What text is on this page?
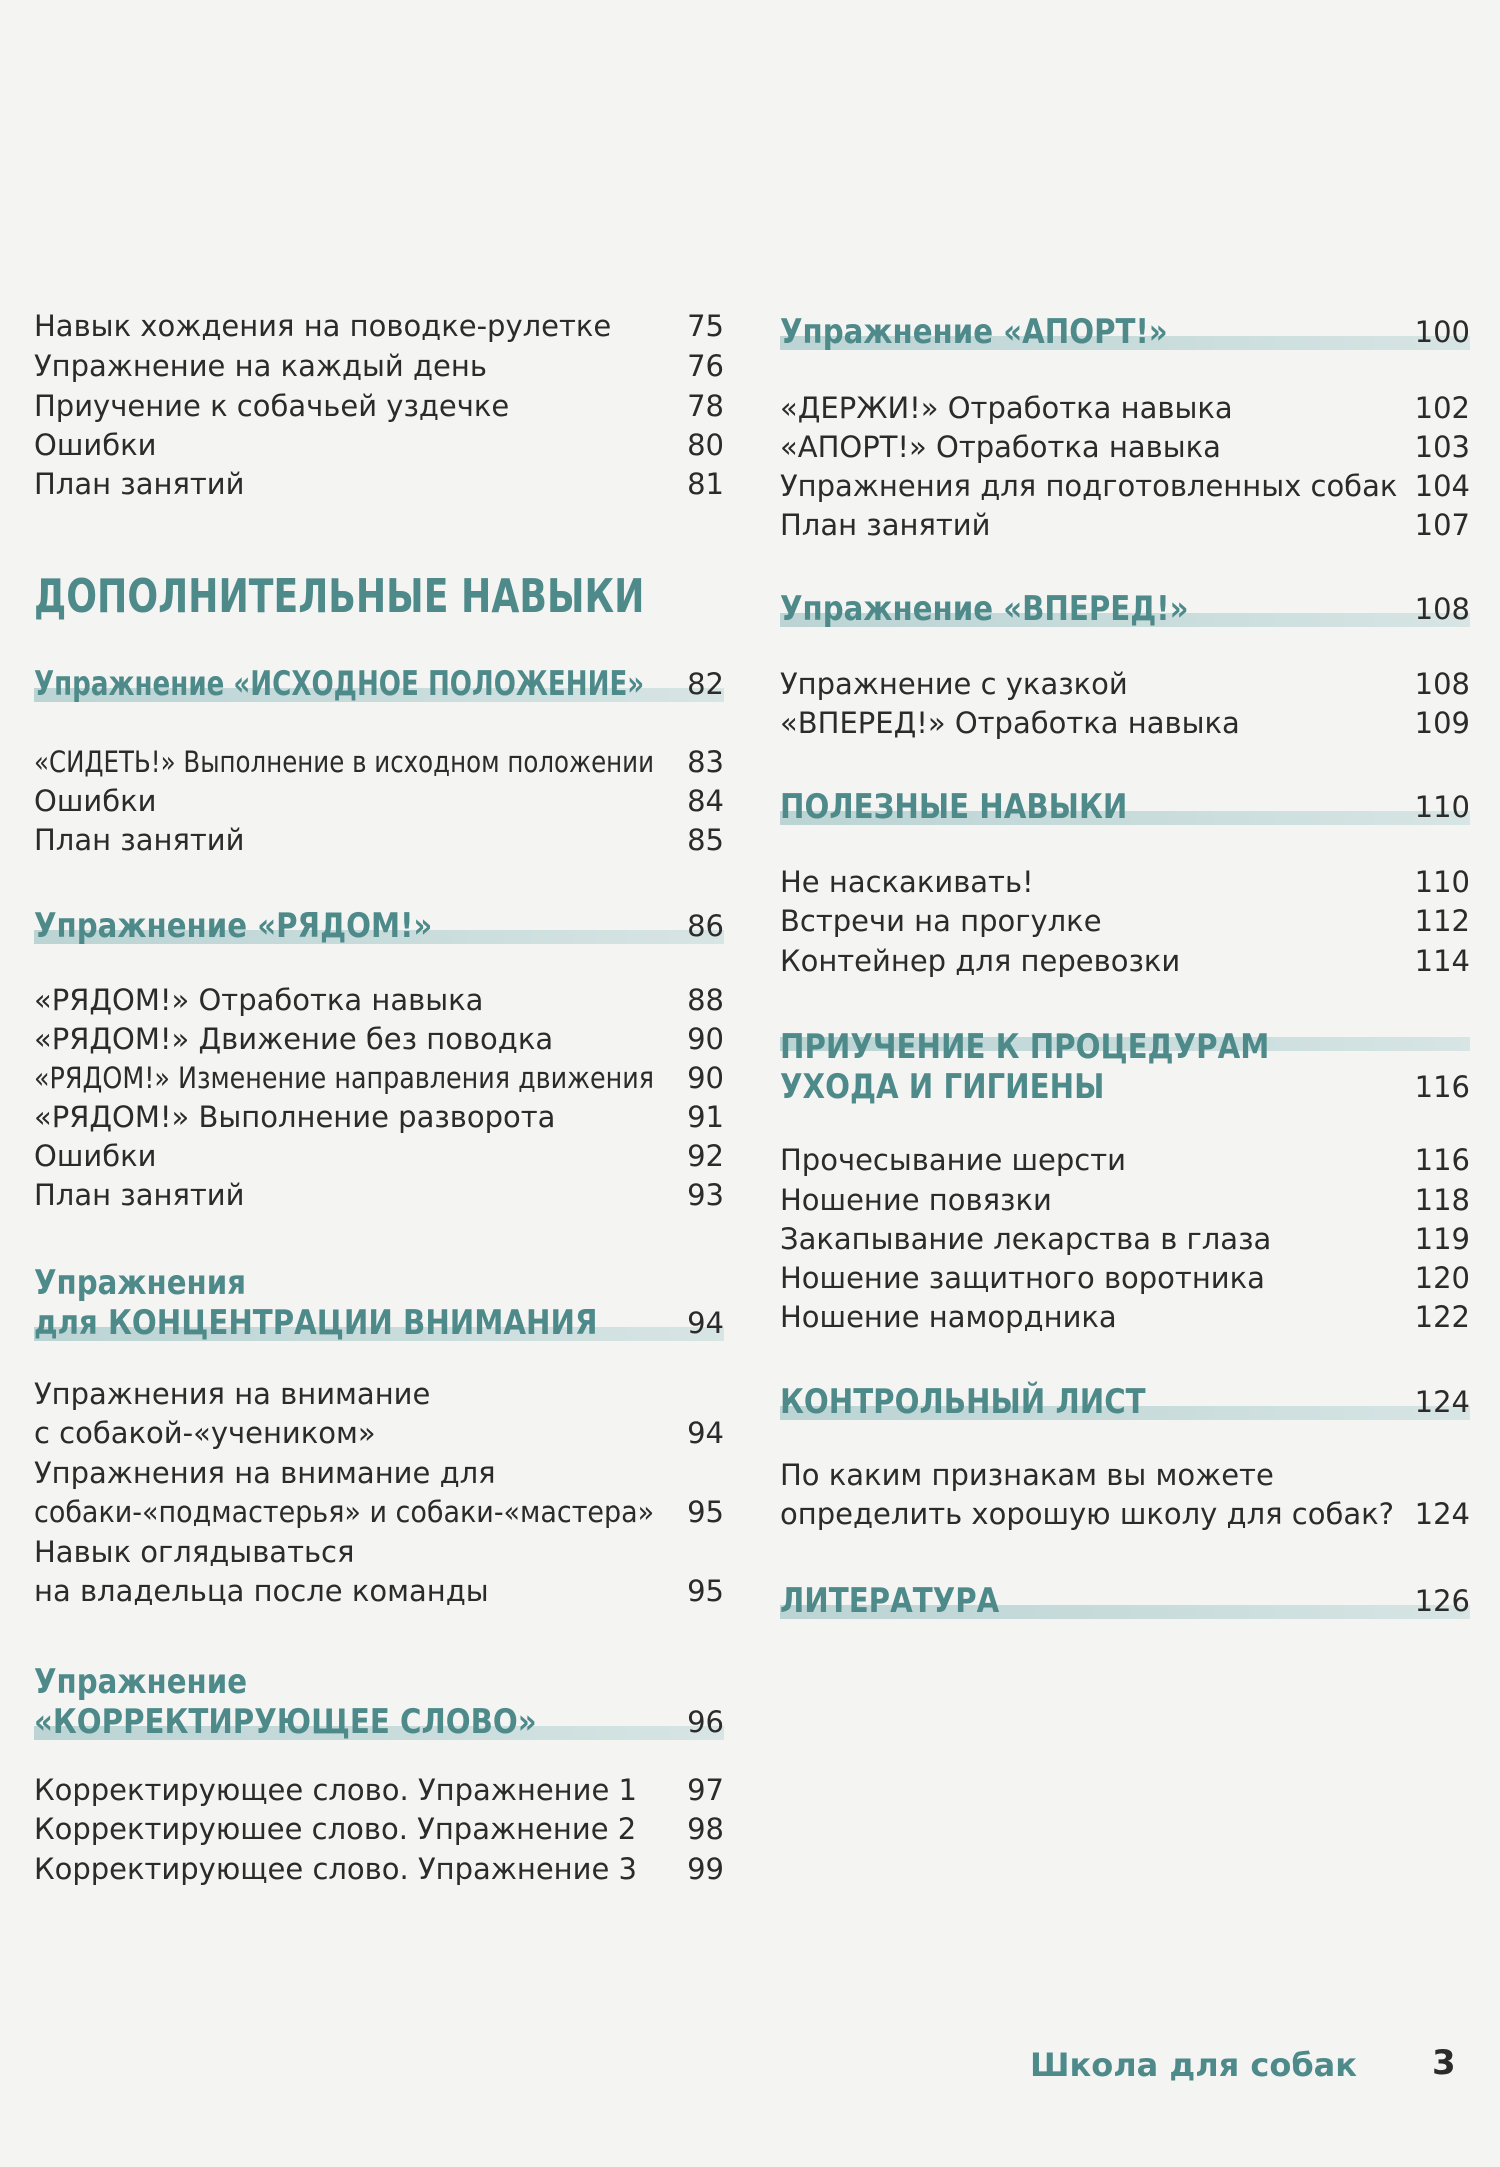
Навык хождения на поводке-рулетке	75
Упражнение на каждый день	76
Приучение к собачьей уздечке	78
Ошибки	80
План занятий	81
ДОПОЛНИТЕЛЬНЫЕ НАВЫКИ
Упражнение «ИСХОДНОЕ ПОЛОЖЕНИЕ»	82
«СИДЕТЬ!» Выполнение в исходном положении	83
Ошибки	84
План занятий	85
Упражнение «РЯДОМ!»	86
«РЯДОМ!» Отработка навыка	88
«РЯДОМ!» Движение без поводка	90
«РЯДОМ!» Изменение направления движения	90
«РЯДОМ!» Выполнение разворота	91
Ошибки	92
План занятий	93
Упражнения
для КОНЦЕНТРАЦИИ ВНИМАНИЯ	94
Упражнения на внимание
с собакой-«учеником»	94
Упражнения на внимание для
собаки-«подмастерья» и собаки-«мастера»	95
Навык оглядываться
на владельца после команды	95
Упражнение
«КОРРЕКТИРУЮЩЕЕ СЛОВО»	96
Корректирующее слово. Упражнение 1	97
Корректируюшее слово. Упражнение 2	98
Корректирующее слово. Упражнение 3	99
Упражнение «АПОРТ!»	100
«ДЕРЖИ!» Отработка навыка	102
«АПОРТ!» Отработка навыка	103
Упражнения для подготовленных собак 104
План занятий	107
Упражнение «ВПЕРЕД!»	108
Упражнение с указкой	108
«ВПЕРЕД!» Отработка навыка	109
ПОЛЕЗНЫЕ НАВЫКИ	110
Не наскакивать!	110
Встречи на прогулке	112
Контейнер для перевозки	114
ПРИУЧЕНИЕ К ПРОЦЕДУРАМ
УХОДА И ГИГИЕНЫ	116
Прочесывание шерсти	116
Ношение повязки	118
Закапывание лекарства в глаза	119
Ношение защитного воротника	120
Ношение намордника	122
КОНТРОЛЬНЫЙ ЛИСТ	124
По каким признакам вы можете
определить хорошую школу для собак? 124
ЛИТЕРАТУРА	126
Школа для собак 3
